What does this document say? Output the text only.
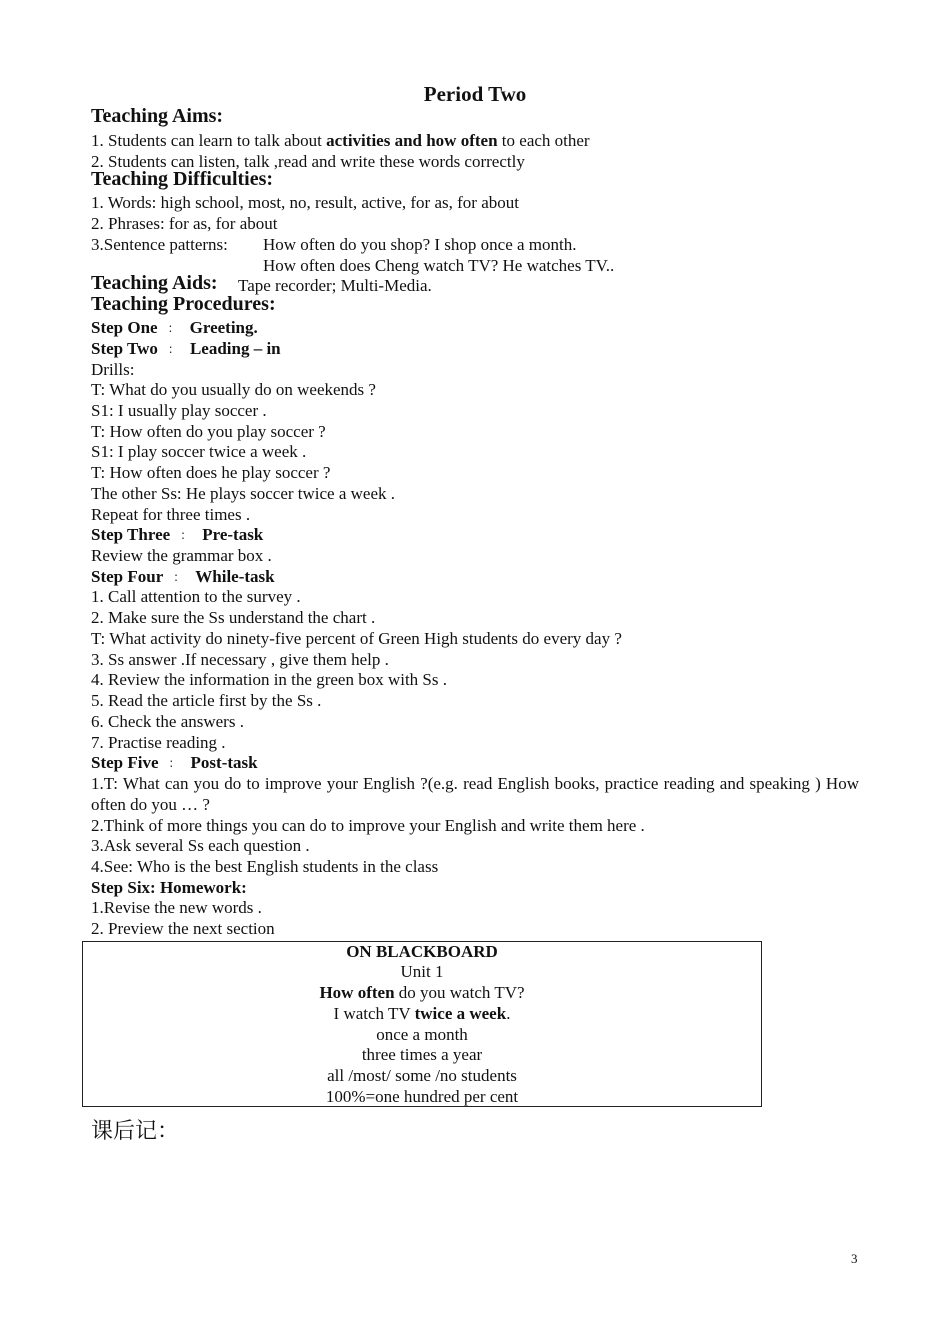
Period Two
Teaching Aims:
1. Students can learn to talk about activities and how often to each other
2. Students can listen, talk ,read and write these words correctly
Teaching Difficulties:
1. Words: high school, most, no, result, active, for as, for about
2. Phrases: for as, for about
3.Sentence patterns: How often do you shop? I shop once a month.
How often does Cheng watch TV? He watches TV..
Teaching Aids: Tape recorder; Multi-Media.
Teaching Procedures:
Step One ： Greeting.
Step Two ： Leading – in
Drills:
T: What do you usually do on weekends ?
S1: I usually play soccer .
T: How often do you play soccer ?
S1: I play soccer twice a week .
T: How often does he play soccer ?
The other Ss: He plays soccer twice a week .
Repeat for three times .
Step Three ： Pre-task
Review the grammar box .
Step Four ： While-task
1. Call attention to the survey .
2. Make sure the Ss understand the chart .
T: What activity do ninety-five percent of Green High students do every day ?
3. Ss answer .If necessary , give them help .
4. Review the information in the green box with Ss .
5. Read the article first by the Ss .
6. Check the answers .
7. Practise reading .
Step Five ： Post-task
1.T: What can you do to improve your English ?(e.g. read English books, practice reading and speaking ) How often do you … ?
2.Think of more things you can do to improve your English and write them here .
3.Ask several Ss each question .
4.See: Who is the best English students in the class
Step Six: Homework:
1.Revise the new words .
2. Preview the next section
ON BLACKBOARD
Unit 1
How often do you watch TV?
I watch TV twice a week.
once a month
three times a year
all /most/ some /no students
100%=one hundred per cent
课后记：
3
